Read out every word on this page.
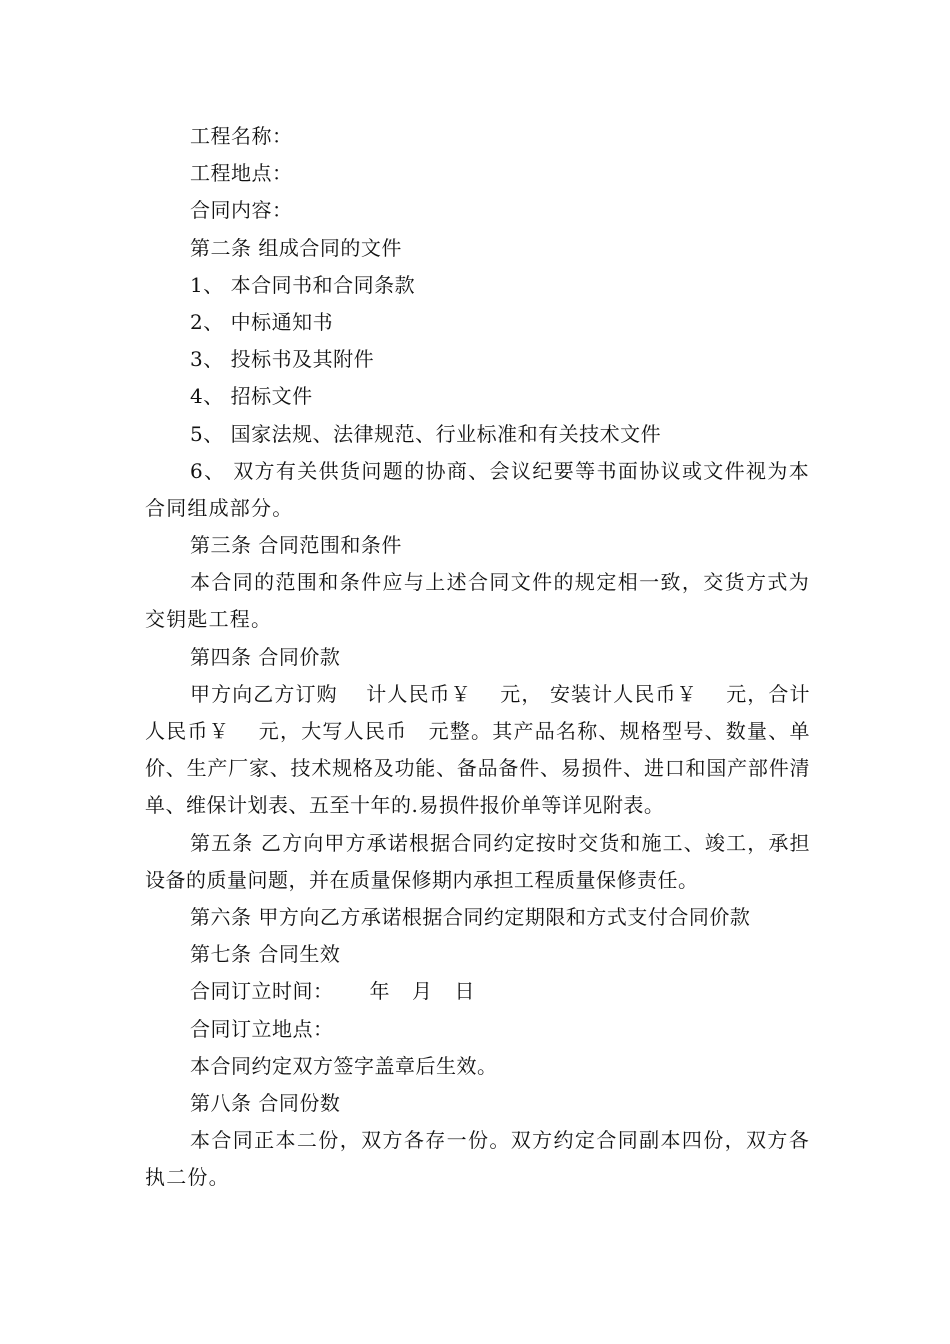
工程名称：
工程地点：
合同内容：
第二条 组成合同的文件
1、 本合同书和合同条款
2、 中标通知书
3、 投标书及其附件
4、 招标文件
5、 国家法规、法律规范、行业标准和有关技术文件

6、 双方有关供货问题的协商、会议纪要等书面协议或文件视为本合同组成部分。

第三条 合同范围和条件

本合同的范围和条件应与上述合同文件的规定相一致，交货方式为交钥匙工程。

第四条 合同价款

甲方向乙方订购　 计人民币￥　 元， 安装计人民币￥　 元，合计人民币￥　 元，大写人民币　元整。其产品名称、规格型号、数量、单价、生产厂家、技术规格及功能、备品备件、易损件、进口和国产部件清单、维保计划表、五至十年的.易损件报价单等详见附表。

第五条 乙方向甲方承诺根据合同约定按时交货和施工、竣工，承担设备的质量问题，并在质量保修期内承担工程质量保修责任。

第六条 甲方向乙方承诺根据合同约定期限和方式支付合同价款
第七条 合同生效
合同订立时间： 年 月 日
合同订立地点：
本合同约定双方签字盖章后生效。
第八条 合同份数

本合同正本二份，双方各存一份。双方约定合同副本四份，双方各执二份。
